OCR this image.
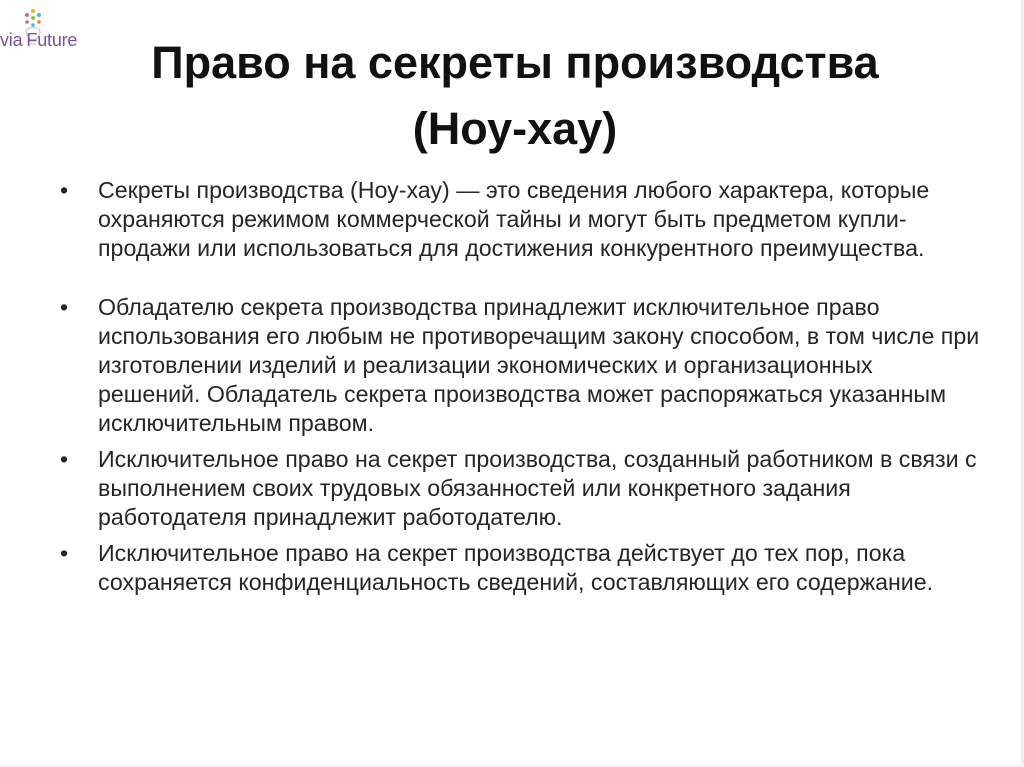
via Future	Право на секреты производства
(Ноу-хау)
•	Секреты производства (Ноу-хау) — это сведения любого характера, которые охраняются режимом коммерческой тайны и могут быть предметом купли-продажи или использоваться для достижения конкурентного преимущества.
•	Обладателю секрета производства принадлежит исключительное право использования его любым не противоречащим закону способом, в том числе при изготовлении изделий и реализации экономических и организационных решений. Обладатель секрета производства может распоряжаться указанным исключительным правом.
•	Исключительное право на секрет производства, созданный работником в связи с выполнением своих трудовых обязанностей или конкретного задания работодателя принадлежит работодателю.
•	Исключительное право на секрет производства действует до тех пор, пока сохраняется конфиденциальность сведений, составляющих его содержание.
